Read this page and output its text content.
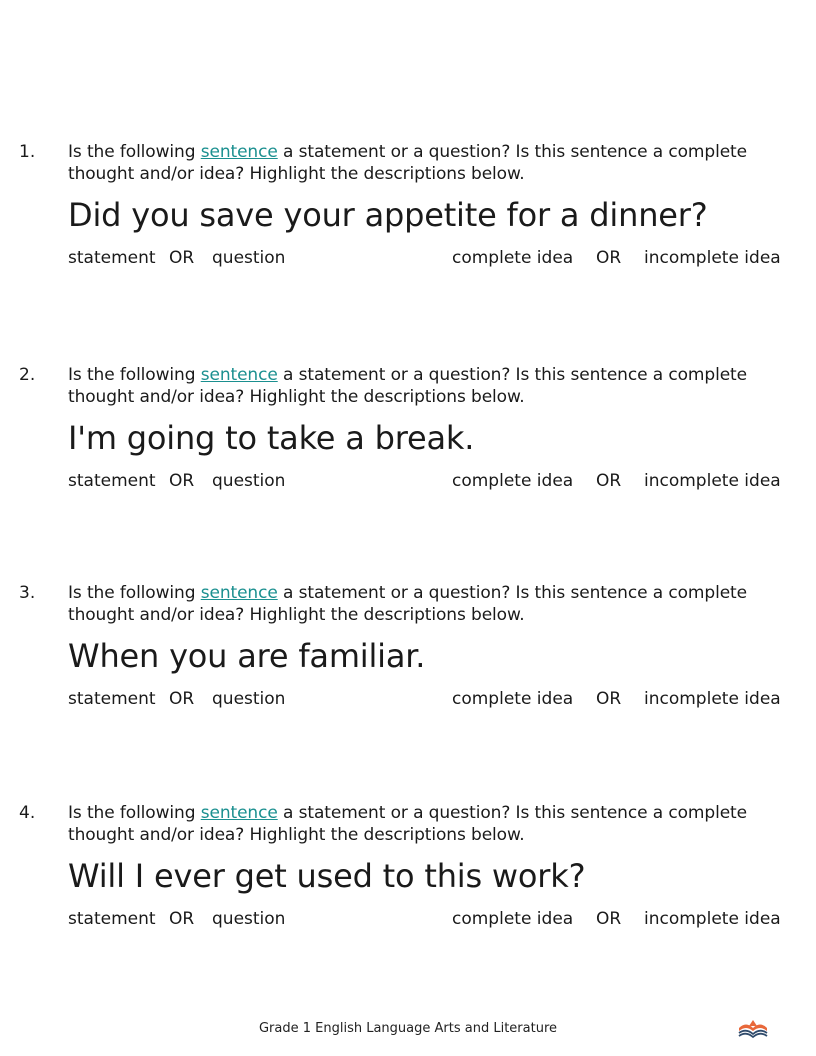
1. Is the following sentence a statement or a question? Is this sentence a complete thought and/or idea? Highlight the descriptions below.
Did you save your appetite for a dinner?
statement OR question	complete idea OR incomplete idea
2. Is the following sentence a statement or a question? Is this sentence a complete thought and/or idea? Highlight the descriptions below.
I'm going to take a break.
statement OR question	complete idea OR incomplete idea
3. Is the following sentence a statement or a question? Is this sentence a complete thought and/or idea? Highlight the descriptions below.
When you are familiar.
statement OR question	complete idea OR incomplete idea
4. Is the following sentence a statement or a question? Is this sentence a complete thought and/or idea? Highlight the descriptions below.
Will I ever get used to this work?
statement OR question	complete idea OR incomplete idea
Grade 1 English Language Arts and Literature
